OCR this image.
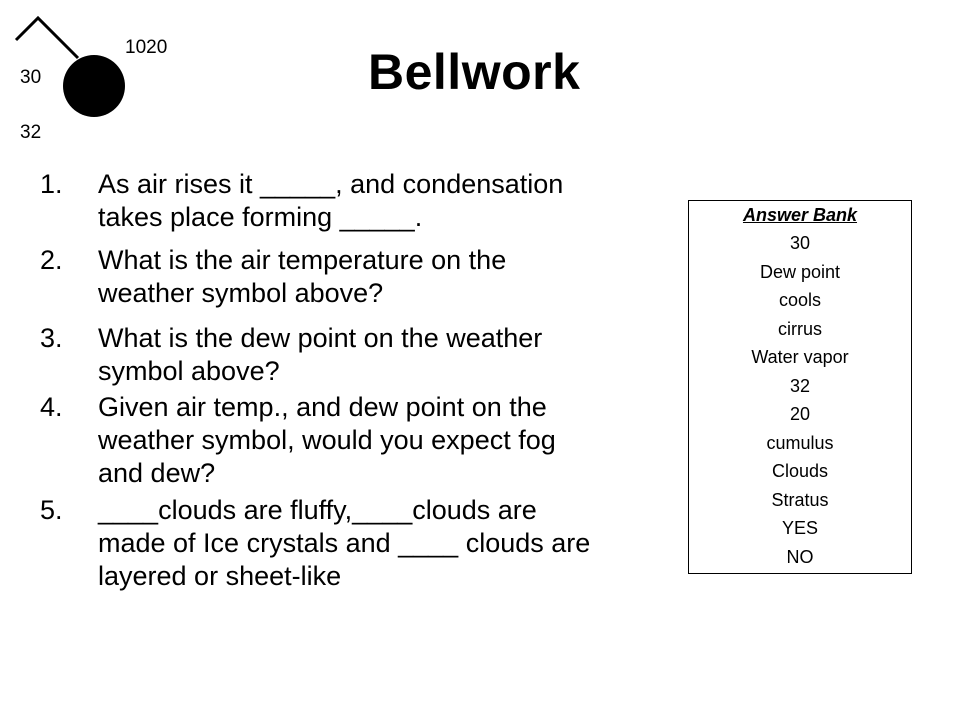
1020
30
32
Bellwork
1. As air rises it _____, and condensation
takes place forming _____.
2. What is the air temperature on the
weather symbol above?
3. What is the dew point on the weather
symbol above?
4. Given air temp., and dew point on the
weather symbol, would you expect fog
and dew?
5. ____clouds are fluffy,____clouds are
made of Ice crystals and ____ clouds are
layered or sheet-like
Answer Bank
30
Dew point
cools
cirrus
Water vapor
32
20
cumulus
Clouds
Stratus
YES
NO
